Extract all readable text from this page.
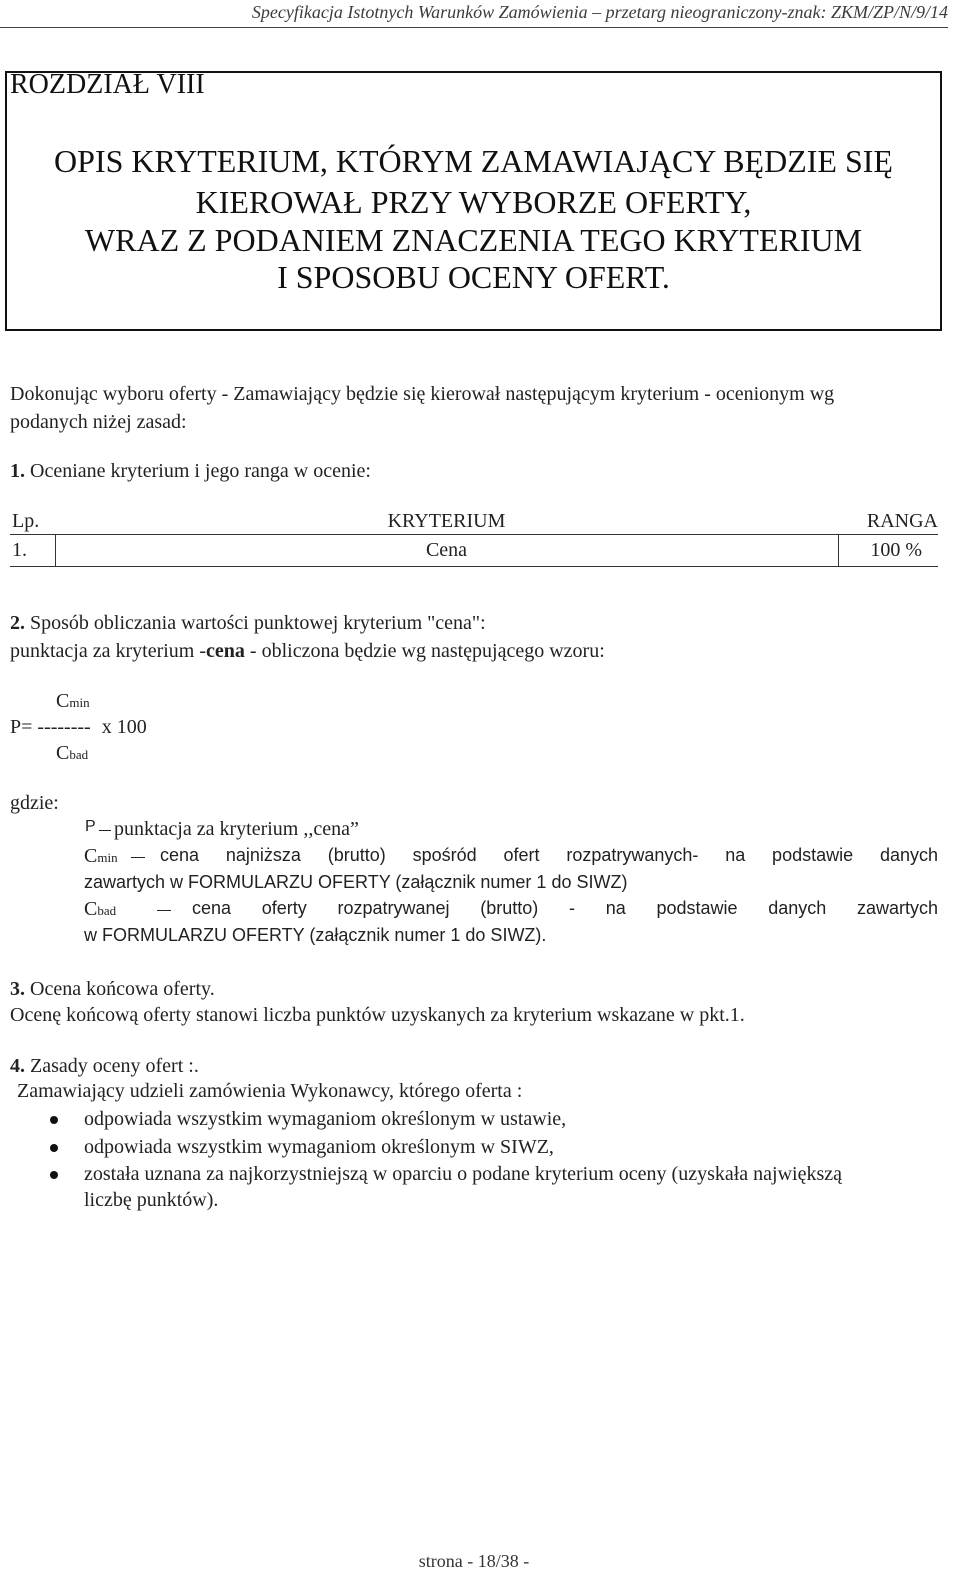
Specyfikacja Istotnych Warunków Zamówienia – przetarg nieograniczony-znak: ZKM/ZP/N/9/14
ROZDZIAŁ VIII
OPIS KRYTERIUM, KTÓRYM ZAMAWIAJĄCY BĘDZIE SIĘ
KIEROWAŁ PRZY WYBORZE OFERTY,
WRAZ Z PODANIEM ZNACZENIA TEGO KRYTERIUM
I SPOSOBU OCENY OFERT.
Dokonując wyboru oferty - Zamawiający będzie się kierował następującym kryterium - ocenionym wg
podanych niżej zasad:
1. Oceniane kryterium i jego ranga w ocenie:
Lp.	KRYTERIUM	RANGA
1.	Cena	100 %
2. Sposób obliczania wartości punktowej kryterium "cena":
punktacja za kryterium -cena - obliczona będzie wg następującego wzoru:
Cmin
P= -------- x 100
Cbad
gdzie:
P punktacja za kryterium ,,cena”
Cmin cena najniższa (brutto) spośród ofert rozpatrywanych- na podstawie danych
zawartych w FORMULARZU OFERTY (załącznik numer 1 do SIWZ)
Cbad	cena oferty rozpatrywanej (brutto) - na podstawie danych zawartych
w FORMULARZU OFERTY (załącznik numer 1 do SIWZ).
3. Ocena końcowa oferty.
Ocenę końcową oferty stanowi liczba punktów uzyskanych za kryterium wskazane w pkt.1.
4. Zasady oceny ofert :.
Zamawiający udzieli zamówienia Wykonawcy, którego oferta :
odpowiada wszystkim wymaganiom określonym w ustawie,
odpowiada wszystkim wymaganiom określonym w SIWZ,
została uznana za najkorzystniejszą w oparciu o podane kryterium oceny (uzyskała największą
liczbę punktów).
strona - 18/38 -
